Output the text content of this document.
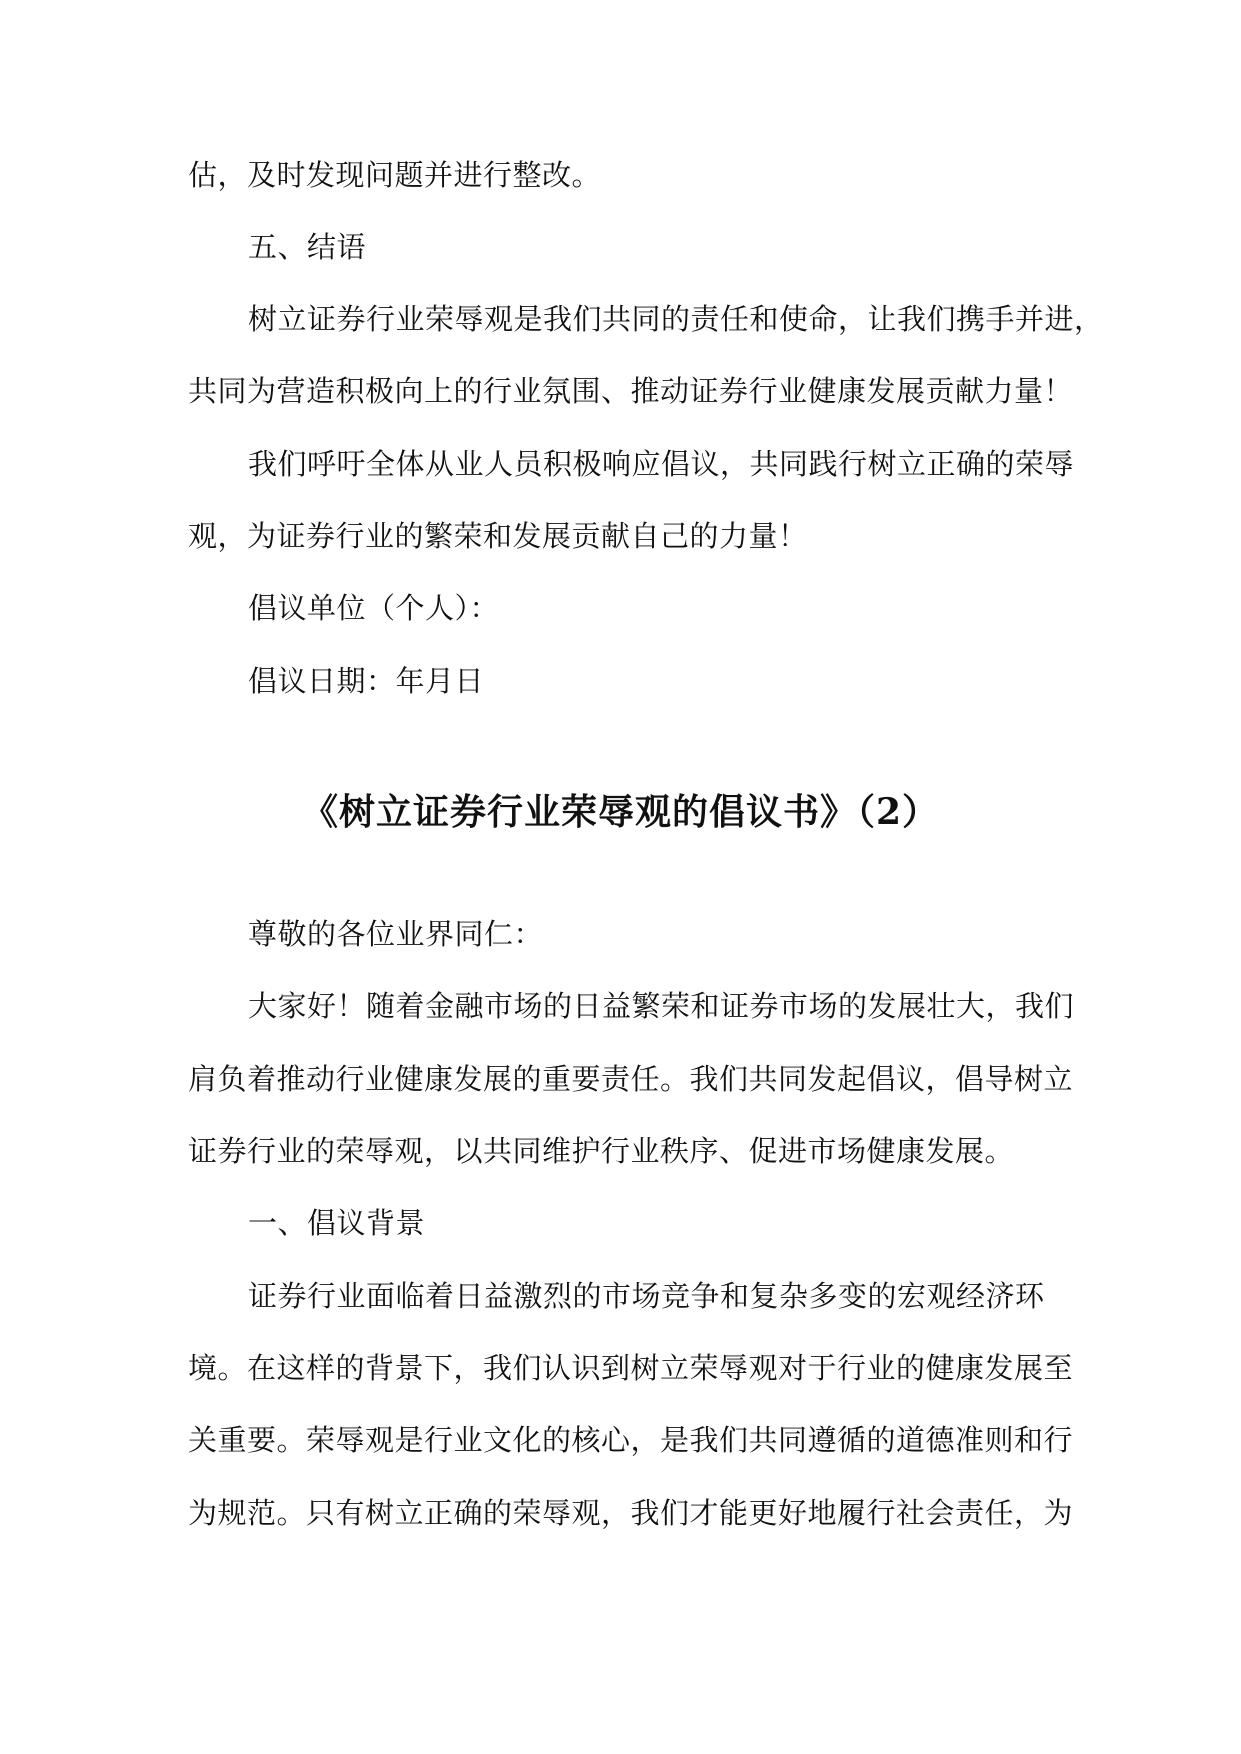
估，及时发现问题并进行整改。
五、结语
树立证券行业荣辱观是我们共同的责任和使命，让我们携手并进，
共同为营造积极向上的行业氛围、推动证券行业健康发展贡献力量！
我们呼吁全体从业人员积极响应倡议，共同践行树立正确的荣辱
观，为证券行业的繁荣和发展贡献自己的力量！
倡议单位（个人）：
倡议日期：年月日
《树立证券行业荣辱观的倡议书》（2）
尊敬的各位业界同仁：
大家好！随着金融市场的日益繁荣和证券市场的发展壮大，我们
肩负着推动行业健康发展的重要责任。我们共同发起倡议，倡导树立
证券行业的荣辱观，以共同维护行业秩序、促进市场健康发展。
一、倡议背景
证券行业面临着日益激烈的市场竞争和复杂多变的宏观经济环
境。在这样的背景下，我们认识到树立荣辱观对于行业的健康发展至
关重要。荣辱观是行业文化的核心，是我们共同遵循的道德准则和行
为规范。只有树立正确的荣辱观，我们才能更好地履行社会责任，为
